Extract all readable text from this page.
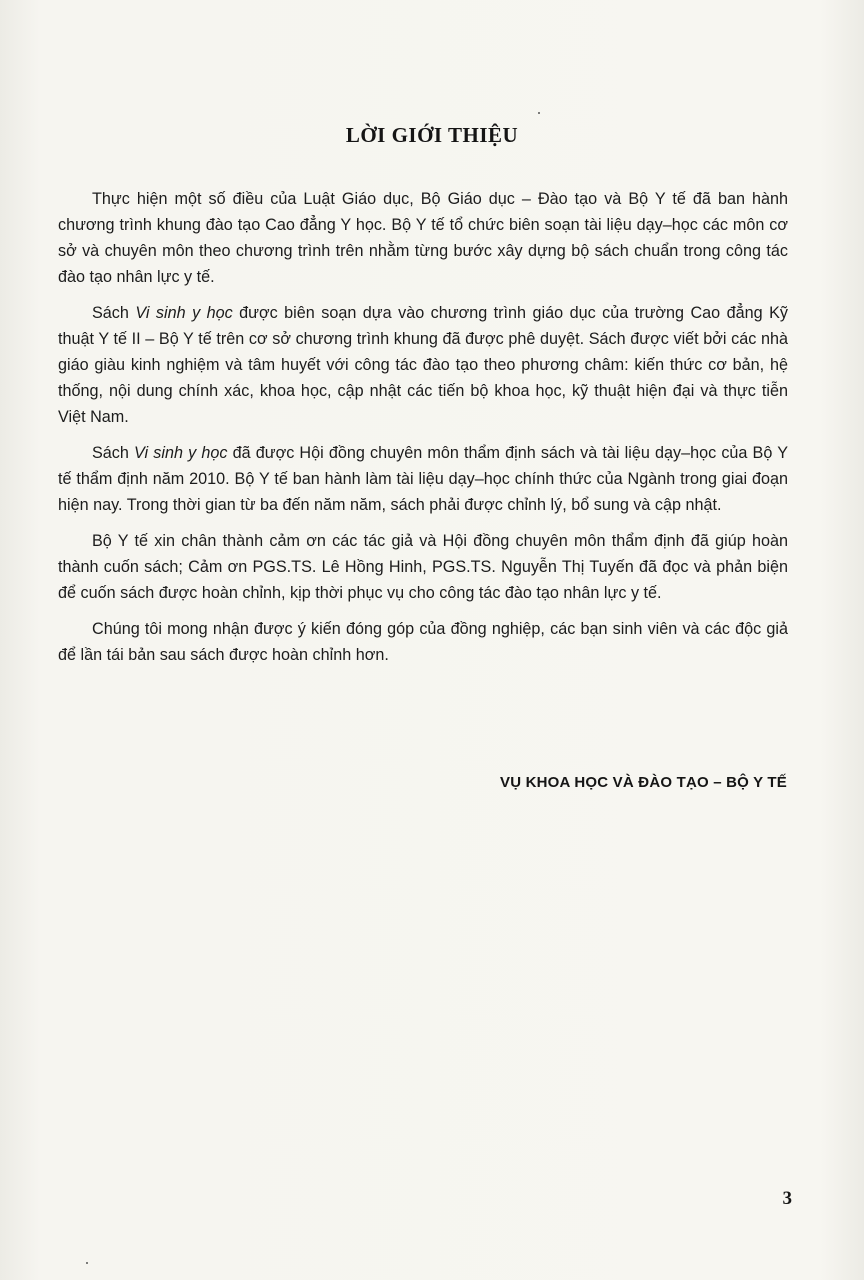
LỜI GIỚI THIỆU

Thực hiện một số điều của Luật Giáo dục, Bộ Giáo dục – Đào tạo và Bộ Y tế đã ban hành chương trình khung đào tạo Cao đẳng Y học. Bộ Y tế tổ chức biên soạn tài liệu dạy–học các môn cơ sở và chuyên môn theo chương trình trên nhằm từng bước xây dựng bộ sách chuẩn trong công tác đào tạo nhân lực y tế.

Sách Vi sinh y học được biên soạn dựa vào chương trình giáo dục của trường Cao đẳng Kỹ thuật Y tế II – Bộ Y tế trên cơ sở chương trình khung đã được phê duyệt. Sách được viết bởi các nhà giáo giàu kinh nghiệm và tâm huyết với công tác đào tạo theo phương châm: kiến thức cơ bản, hệ thống, nội dung chính xác, khoa học, cập nhật các tiến bộ khoa học, kỹ thuật hiện đại và thực tiễn Việt Nam.

Sách Vi sinh y học đã được Hội đồng chuyên môn thẩm định sách và tài liệu dạy–học của Bộ Y tế thẩm định năm 2010. Bộ Y tế ban hành làm tài liệu dạy–học chính thức của Ngành trong giai đoạn hiện nay. Trong thời gian từ ba đến năm năm, sách phải được chỉnh lý, bổ sung và cập nhật.

Bộ Y tế xin chân thành cảm ơn các tác giả và Hội đồng chuyên môn thẩm định đã giúp hoàn thành cuốn sách; Cảm ơn PGS.TS. Lê Hồng Hinh, PGS.TS. Nguyễn Thị Tuyến đã đọc và phản biện để cuốn sách được hoàn chỉnh, kịp thời phục vụ cho công tác đào tạo nhân lực y tế.

Chúng tôi mong nhận được ý kiến đóng góp của đồng nghiệp, các bạn sinh viên và các độc giả để lần tái bản sau sách được hoàn chỉnh hơn.

VỤ KHOA HỌC VÀ ĐÀO TẠO – BỘ Y TẾ
3
